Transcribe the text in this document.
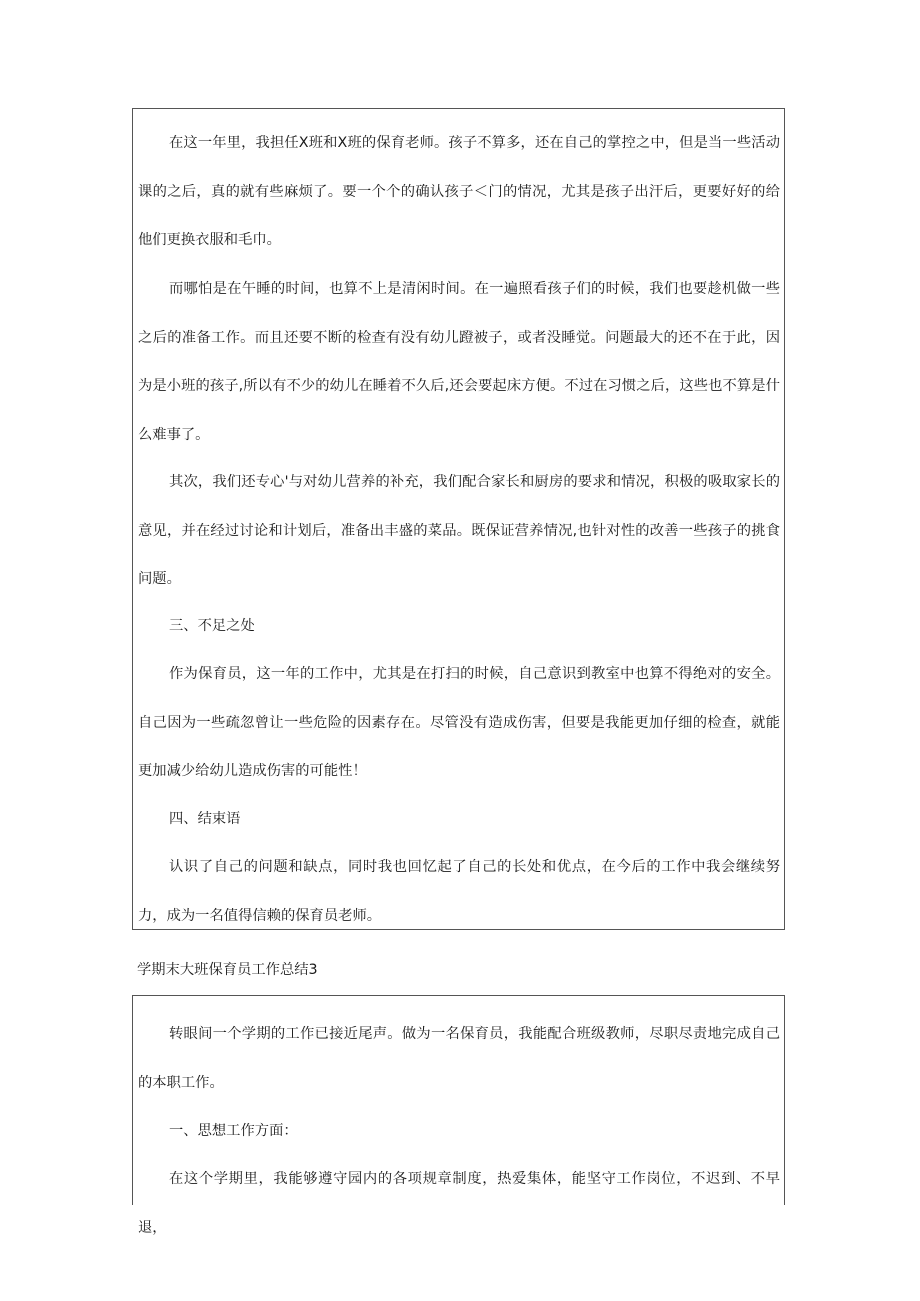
在这一年里，我担任X班和X班的保育老师。孩子不算多，还在自己的掌控之中，但是当一些活动课的之后，真的就有些麻烦了。要一个个的确认孩子＜门的情况，尤其是孩子出汗后，更要好好的给他们更换衣服和毛巾。

而哪怕是在午睡的时间，也算不上是清闲时间。在一遍照看孩子们的时候，我们也要趁机做一些之后的准备工作。而且还要不断的检查有没有幼儿蹬被子，或者没睡觉。问题最大的还不在于此，因为是小班的孩子,所以有不少的幼儿在睡着不久后,还会要起床方便。不过在习惯之后，这些也不算是什么难事了。

其次，我们还专心'与对幼儿营养的补充，我们配合家长和厨房的要求和情况，积极的吸取家长的意见，并在经过讨论和计划后，准备出丰盛的菜品。既保证营养情况,也针对性的改善一些孩子的挑食问题。

三、不足之处

作为保育员，这一年的工作中，尤其是在打扫的时候，自己意识到教室中也算不得绝对的安全。自己因为一些疏忽曾让一些危险的因素存在。尽管没有造成伤害，但要是我能更加仔细的检查，就能更加减少给幼儿造成伤害的可能性！

四、结束语

认识了自己的问题和缺点，同时我也回忆起了自己的长处和优点，在今后的工作中我会继续努力，成为一名值得信赖的保育员老师。

学期末大班保育员工作总结3

转眼间一个学期的工作已接近尾声。做为一名保育员，我能配合班级教师，尽职尽责地完成自己的本职工作。

一、思想工作方面：

在这个学期里，我能够遵守园内的各项规章制度，热爱集体，能坚守工作岗位，不迟到、不早退，
